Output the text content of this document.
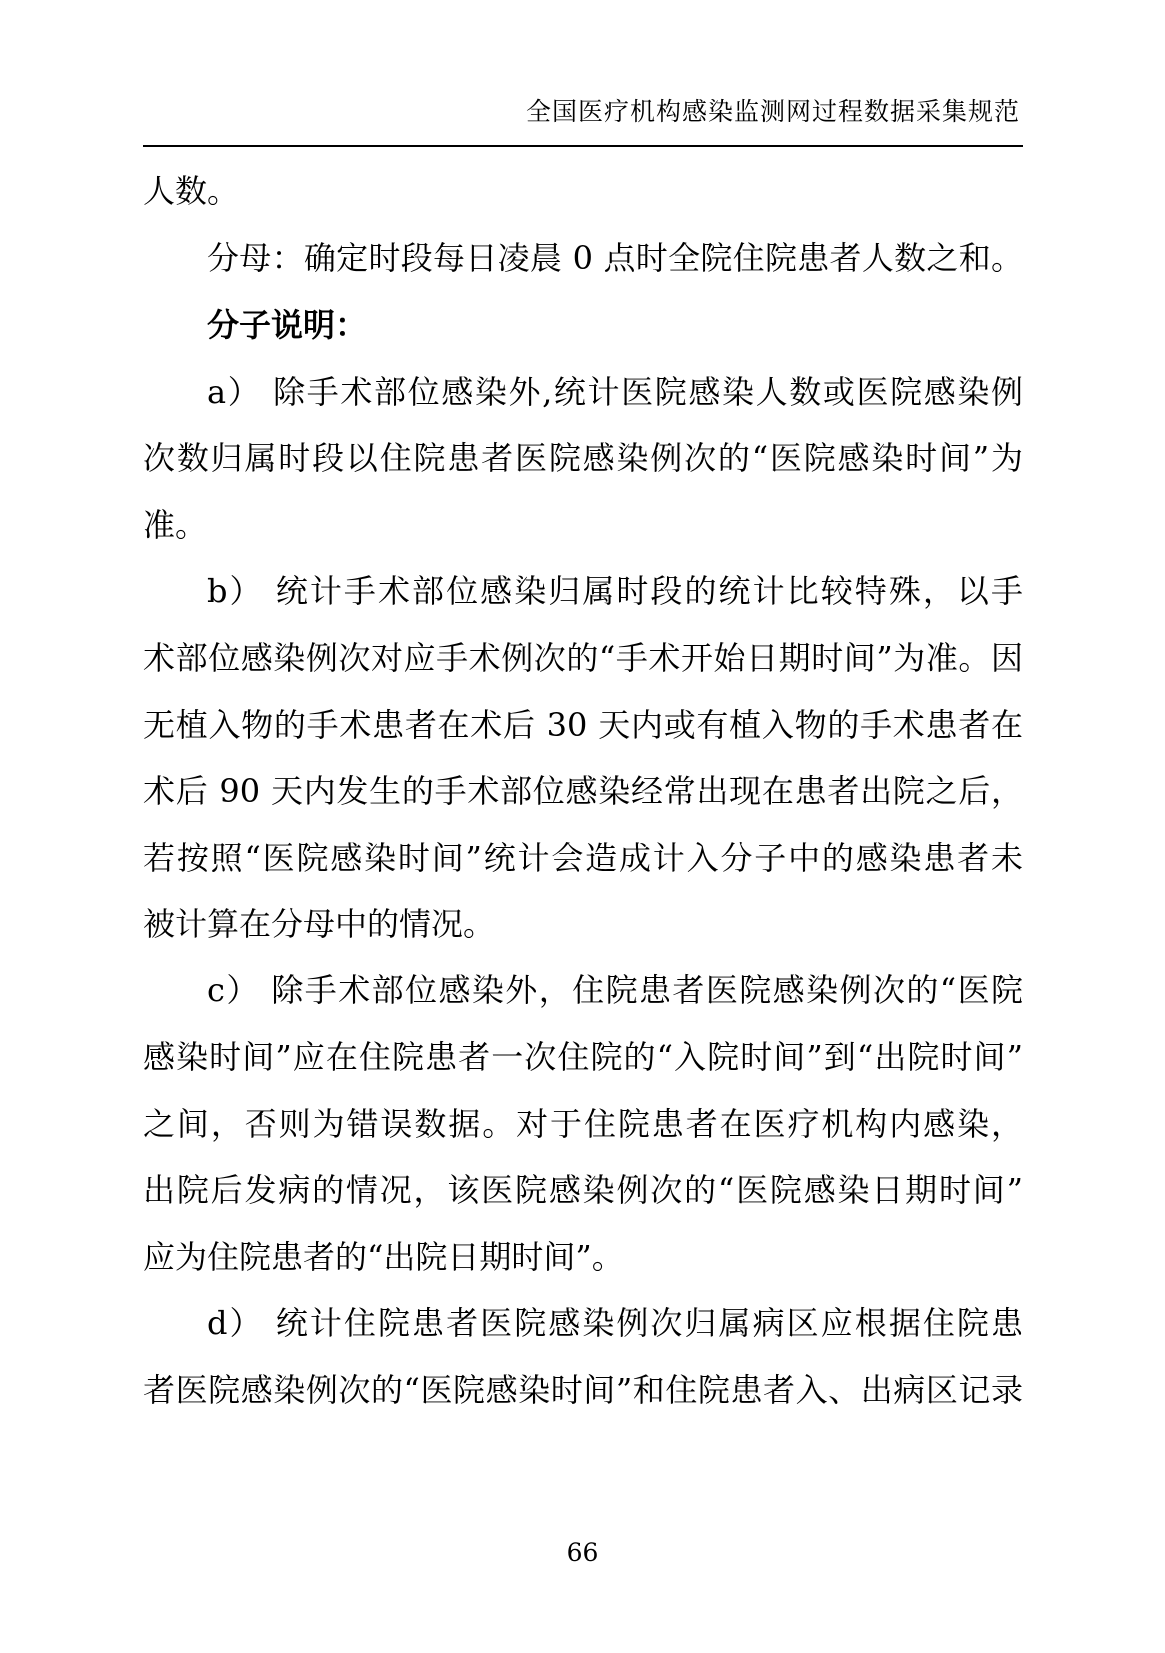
全国医疗机构感染监测网过程数据采集规范
人数。
分母：确定时段每日凌晨 0 点时全院住院患者人数之和。
分子说明：
a） 除手术部位感染外,统计医院感染人数或医院感染例
次数归属时段以住院患者医院感染例次的“医院感染时间”为
准。
b） 统计手术部位感染归属时段的统计比较特殊，以手
术部位感染例次对应手术例次的“手术开始日期时间”为准。因
无植入物的手术患者在术后 30 天内或有植入物的手术患者在
术后 90 天内发生的手术部位感染经常出现在患者出院之后，
若按照“医院感染时间”统计会造成计入分子中的感染患者未
被计算在分母中的情况。
c） 除手术部位感染外，住院患者医院感染例次的“医院
感染时间”应在住院患者一次住院的“入院时间”到“出院时间”
之间，否则为错误数据。对于住院患者在医疗机构内感染，
出院后发病的情况，该医院感染例次的“医院感染日期时间”
应为住院患者的“出院日期时间”。
d） 统计住院患者医院感染例次归属病区应根据住院患
者医院感染例次的“医院感染时间”和住院患者入、出病区记录
66
